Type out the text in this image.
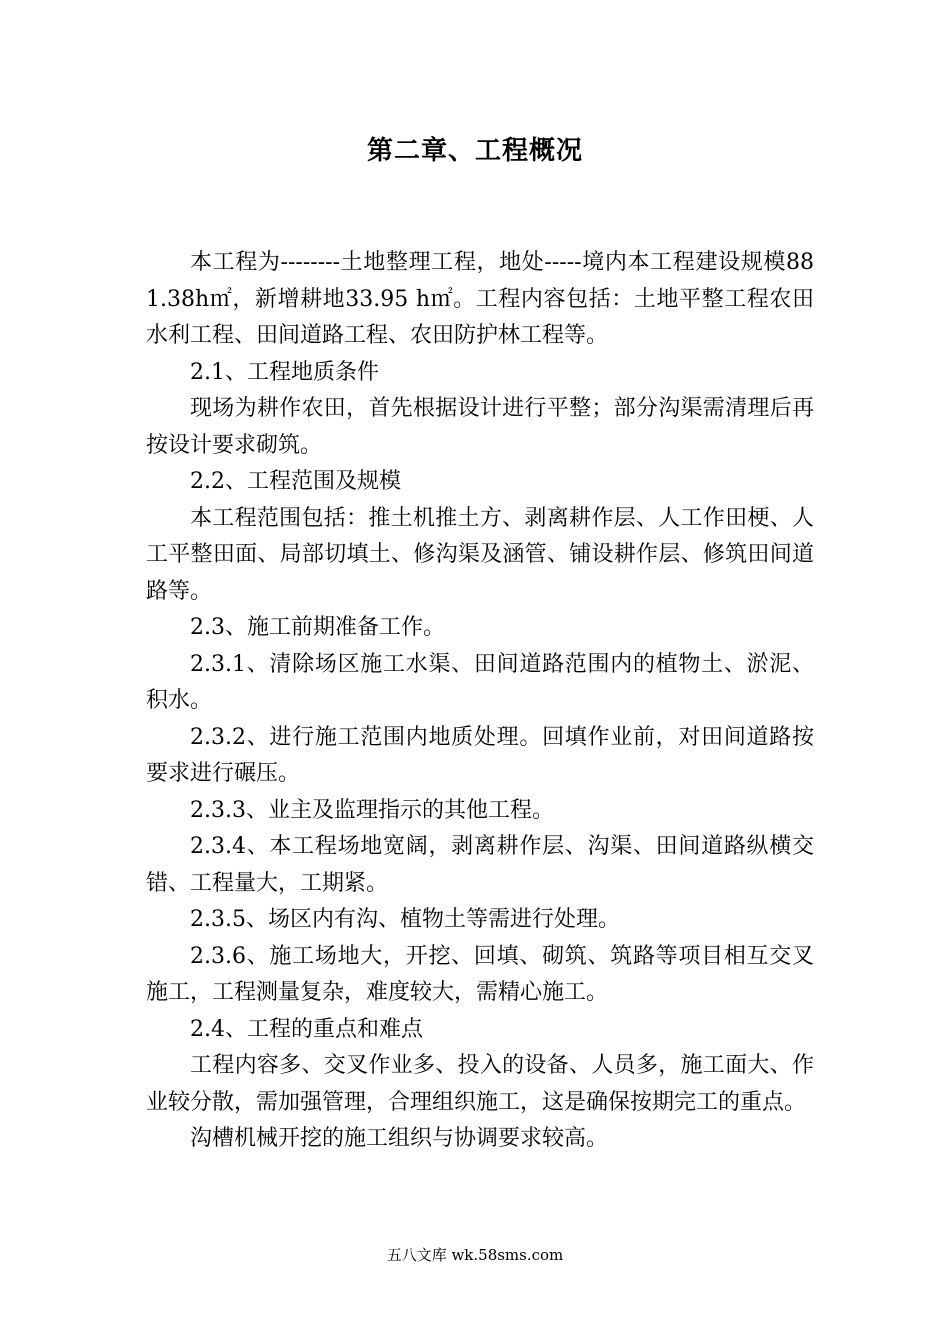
第二章、工程概况

本工程为--------土地整理工程，地处-----境内本工程建设规模881.38h㎡，新增耕地33.95 h㎡。工程内容包括：土地平整工程农田水利工程、田间道路工程、农田防护林工程等。

2.1、工程地质条件

现场为耕作农田，首先根据设计进行平整；部分沟渠需清理后再按设计要求砌筑。

2.2、工程范围及规模

本工程范围包括：推土机推土方、剥离耕作层、人工作田梗、人工平整田面、局部切填土、修沟渠及涵管、铺设耕作层、修筑田间道路等。

2.3、施工前期准备工作。

2.3.1、清除场区施工水渠、田间道路范围内的植物土、淤泥、积水。

2.3.2、进行施工范围内地质处理。回填作业前，对田间道路按要求进行碾压。

2.3.3、业主及监理指示的其他工程。

2.3.4、本工程场地宽阔，剥离耕作层、沟渠、田间道路纵横交错、工程量大，工期紧。

2.3.5、场区内有沟、植物土等需进行处理。

2.3.6、施工场地大，开挖、回填、砌筑、筑路等项目相互交叉施工，工程测量复杂，难度较大，需精心施工。

2.4、工程的重点和难点

工程内容多、交叉作业多、投入的设备、人员多，施工面大、作业较分散，需加强管理，合理组织施工，这是确保按期完工的重点。

沟槽机械开挖的施工组织与协调要求较高。

五八文库 wk.58sms.com
